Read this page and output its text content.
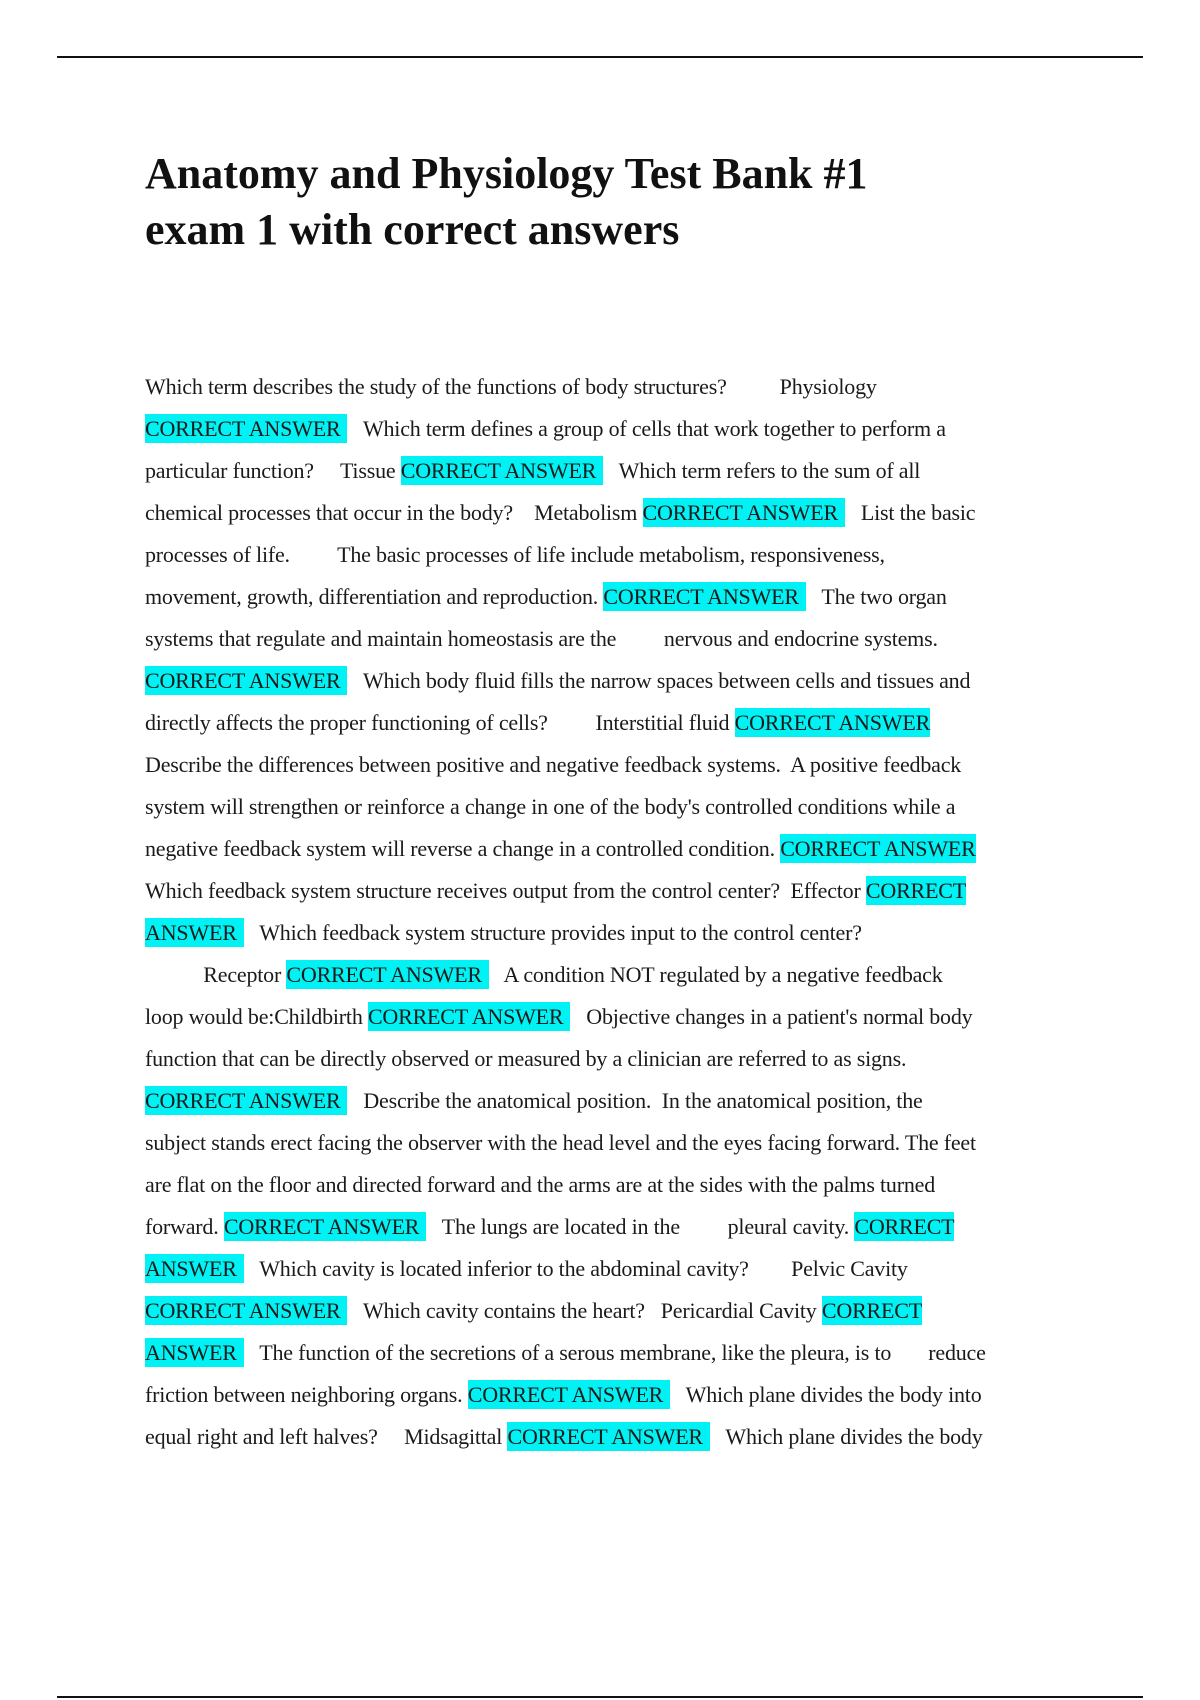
Anatomy and Physiology Test Bank #1
exam 1 with correct answers
Which term describes the study of the functions of body structures?          Physiology
CORRECT ANSWER   Which term defines a group of cells that work together to perform a
particular function?     Tissue CORRECT ANSWER   Which term refers to the sum of all
chemical processes that occur in the body?    Metabolism CORRECT ANSWER   List the basic
processes of life.         The basic processes of life include metabolism, responsiveness,
movement, growth, differentiation and reproduction. CORRECT ANSWER   The two organ
systems that regulate and maintain homeostasis are the         nervous and endocrine systems.
CORRECT ANSWER   Which body fluid fills the narrow spaces between cells and tissues and
directly affects the proper functioning of cells?         Interstitial fluid CORRECT ANSWER
Describe the differences between positive and negative feedback systems.  A positive feedback
system will strengthen or reinforce a change in one of the body's controlled conditions while a
negative feedback system will reverse a change in a controlled condition. CORRECT ANSWER
Which feedback system structure receives output from the control center?  Effector CORRECT
ANSWER   Which feedback system structure provides input to the control center?
Receptor CORRECT ANSWER   A condition NOT regulated by a negative feedback
loop would be:Childbirth CORRECT ANSWER   Objective changes in a patient's normal body
function that can be directly observed or measured by a clinician are referred to as signs.
CORRECT ANSWER   Describe the anatomical position.  In the anatomical position, the
subject stands erect facing the observer with the head level and the eyes facing forward. The feet
are flat on the floor and directed forward and the arms are at the sides with the palms turned
forward. CORRECT ANSWER   The lungs are located in the         pleural cavity. CORRECT
ANSWER   Which cavity is located inferior to the abdominal cavity?        Pelvic Cavity
CORRECT ANSWER   Which cavity contains the heart?   Pericardial Cavity CORRECT
ANSWER   The function of the secretions of a serous membrane, like the pleura, is to       reduce
friction between neighboring organs. CORRECT ANSWER   Which plane divides the body into
equal right and left halves?     Midsagittal CORRECT ANSWER   Which plane divides the body
